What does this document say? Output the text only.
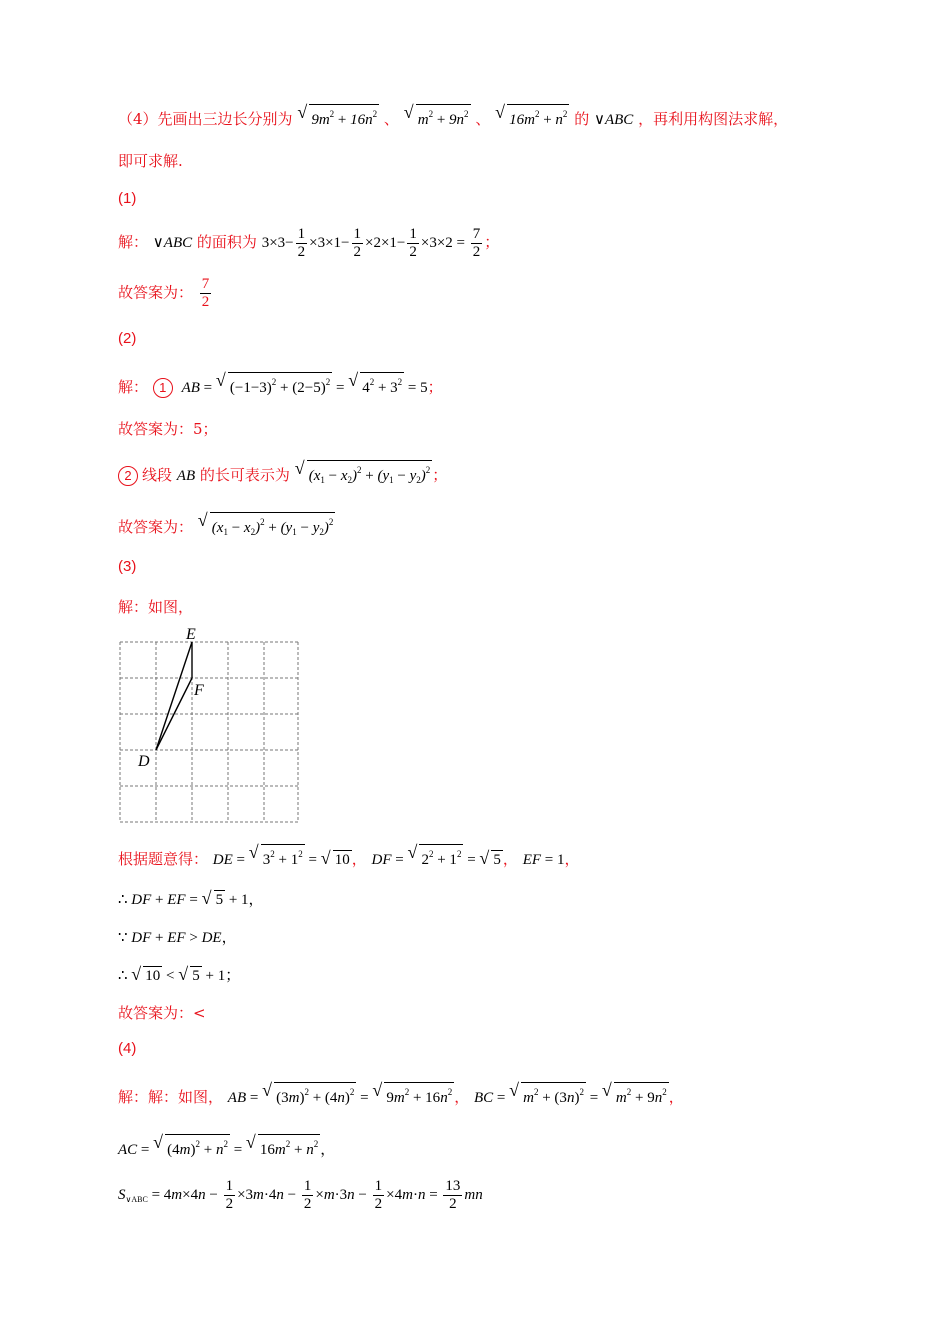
（4）先画出三边长分别为 √ $9m^2 + 16n^2$ 、 √ $m^2 + 9n^2$ 、 √ $16m^2 + n^2$ 的 ∨ABC ，再利用构图法求解，
即可求解.
(1)
解： ∨ABC 的面积为 $3\times 3- \frac{1}{2} \times 3\times 1- \frac{1}{2} \times 2\times 1- \frac{1}{2} \times 3\times 2 = \frac{7}{2}$ ；
故答案为： $\frac{7}{2}$
(2)
解： 1 AB = √ $(-1-3)^2 + (2-5)^2$ = √ $4^2 + 3^2 = 5$；
故答案为：5；
2 线段 AB 的长可表示为 √ $(x_1 - x_2)^2 + (y_1 - y_2)^2$ ；
故答案为： √ $(x_1 - x_2)^2 + (y_1 - y_2)^2$
(3)
解：如图，
E
F
D
根据题意得： DE = √ $3^2 + 1^2$ = √ 10 ， DF = √ $2^2 + 1^2$ = √ 5 ， EF = 1，
∴ DF + EF = √ 5 + 1，
∵ DF + EF > DE，
∴ √ 10 < √ 5 + 1；
故答案为：<
(4)
解：解：如图， AB = √ $(3m)^2 + (4n)^2$ = √ $9m^2 + 16n^2$ ， BC = √ $m^2 + (3n)^2$ = √ $m^2 + 9n^2$ ，
AC = √ $(4m)^2 + n^2$ = √ $16m^2 + n^2$ ，
$S_{\vee ABC} = 4m\times 4n - \frac{1}{2} \times 3m\cdot 4n - \frac{1}{2} \times m\cdot 3n - \frac{1}{2} \times 4m\cdot n = \frac{13}{2}$ mn
